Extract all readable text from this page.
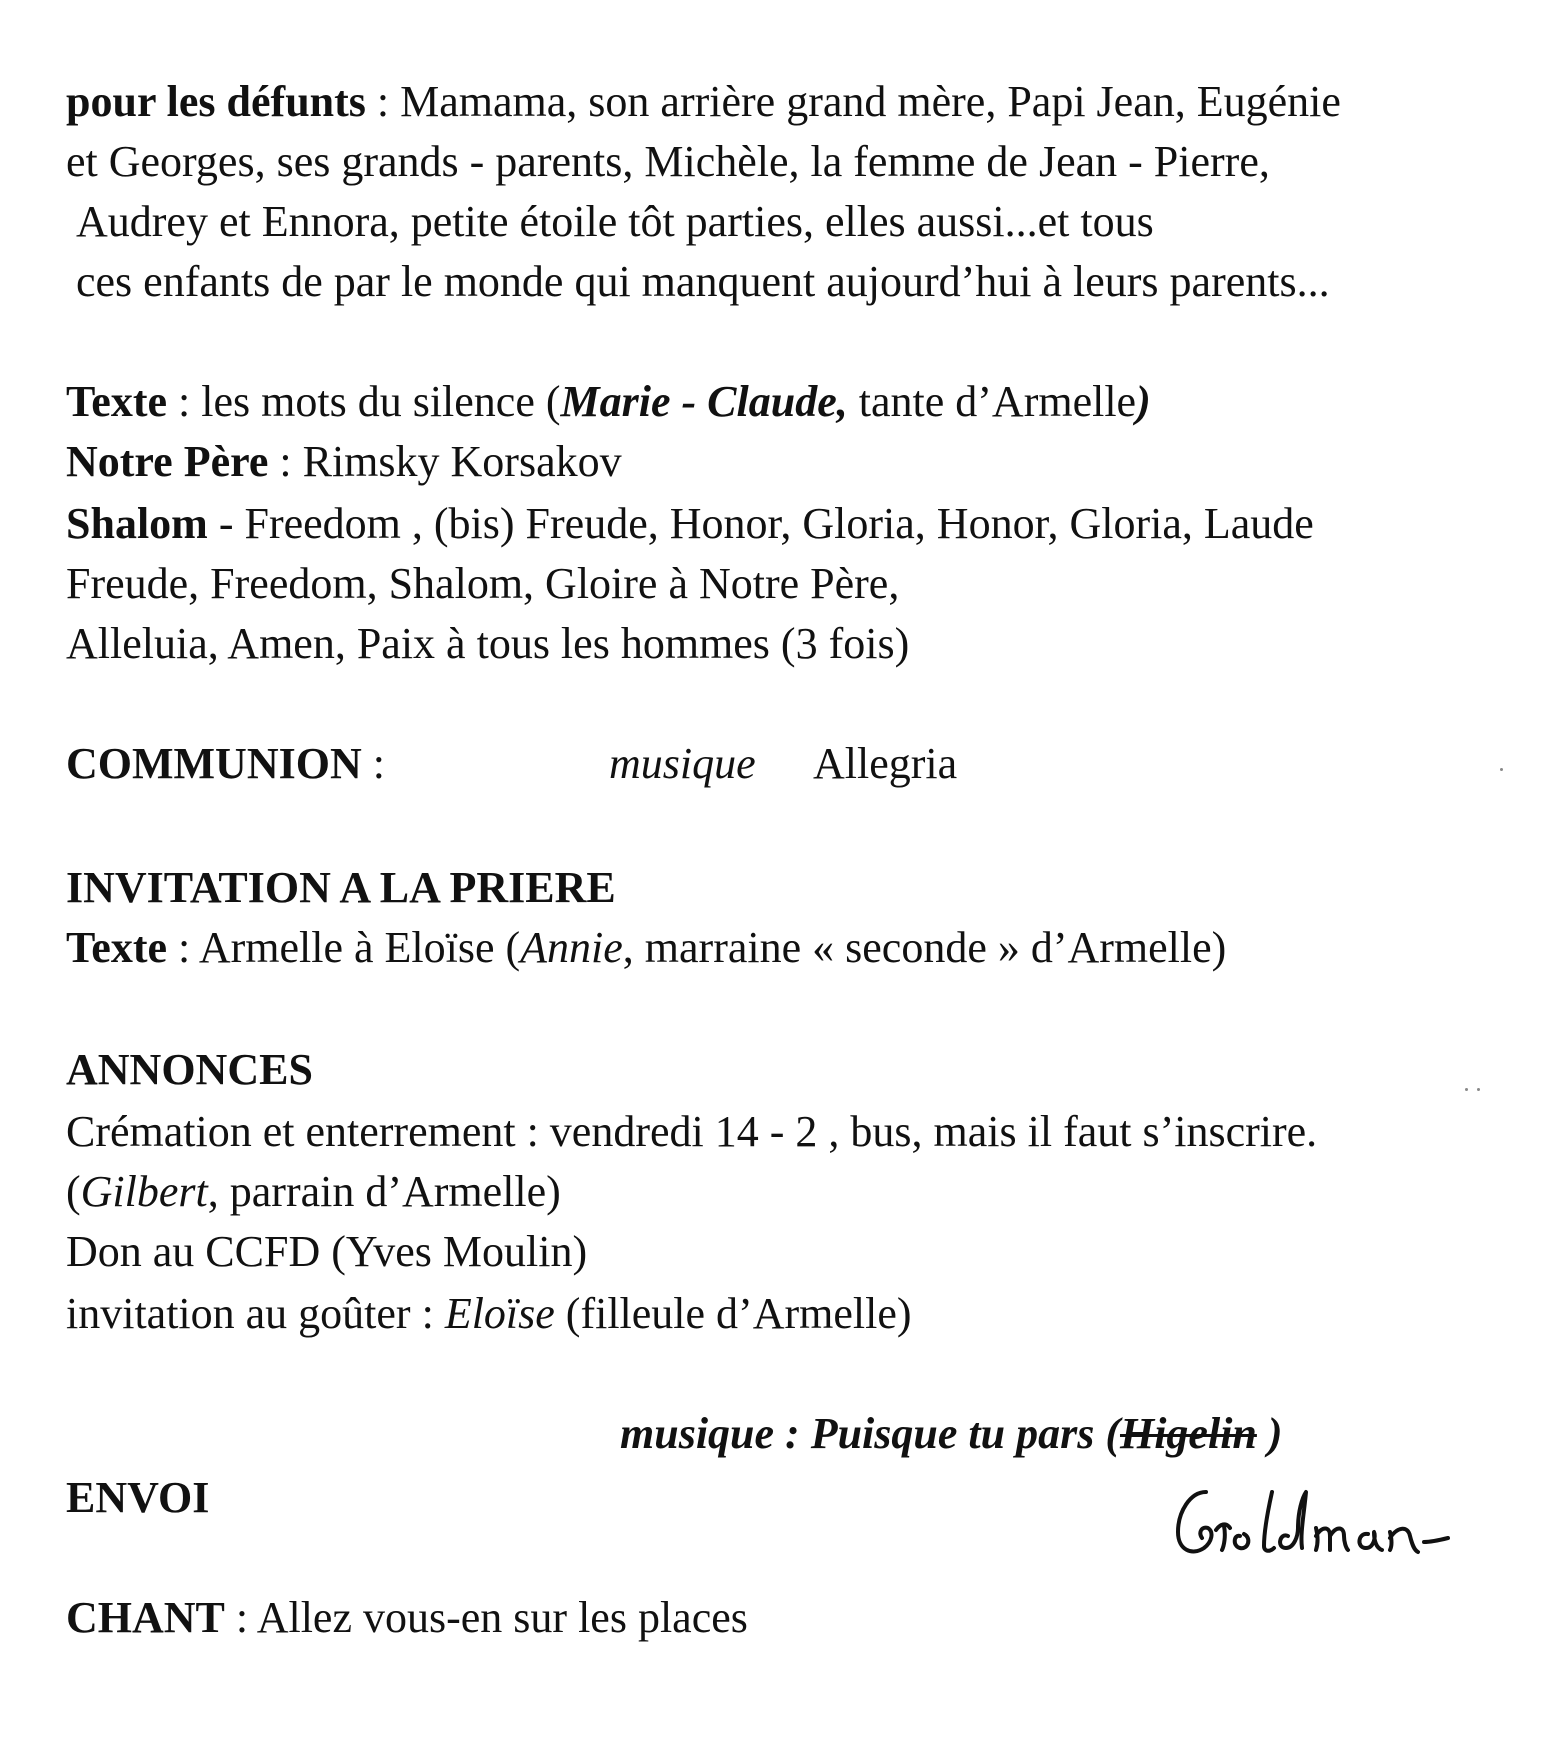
pour les défunts : Mamama, son arrière grand mère, Papi Jean, Eugénie
et Georges, ses grands - parents, Michèle, la femme de Jean - Pierre,
Audrey et Ennora, petite étoile tôt parties, elles aussi...et tous
ces enfants de par le monde qui manquent aujourd’hui à leurs parents...
Texte : les mots du silence (Marie - Claude, tante d’Armelle)
Notre Père : Rimsky Korsakov
Shalom - Freedom , (bis) Freude, Honor, Gloria, Honor, Gloria, Laude
Freude, Freedom, Shalom, Gloire à Notre Père,
Alleluia, Amen, Paix à tous les hommes (3 fois)
COMMUNION :	musique Allegria
INVITATION A LA PRIERE
Texte : Armelle à Eloïse (Annie, marraine « seconde » d’Armelle)
ANNONCES
Crémation et enterrement : vendredi 14 - 2 , bus, mais il faut s’inscrire.
(Gilbert, parrain d’Armelle)
Don au CCFD (Yves Moulin)
invitation au goûter : Eloïse (filleule d’Armelle)
musique : Puisque tu pars (Higelin )
ENVOI
CHANT : Allez vous-en sur les places
